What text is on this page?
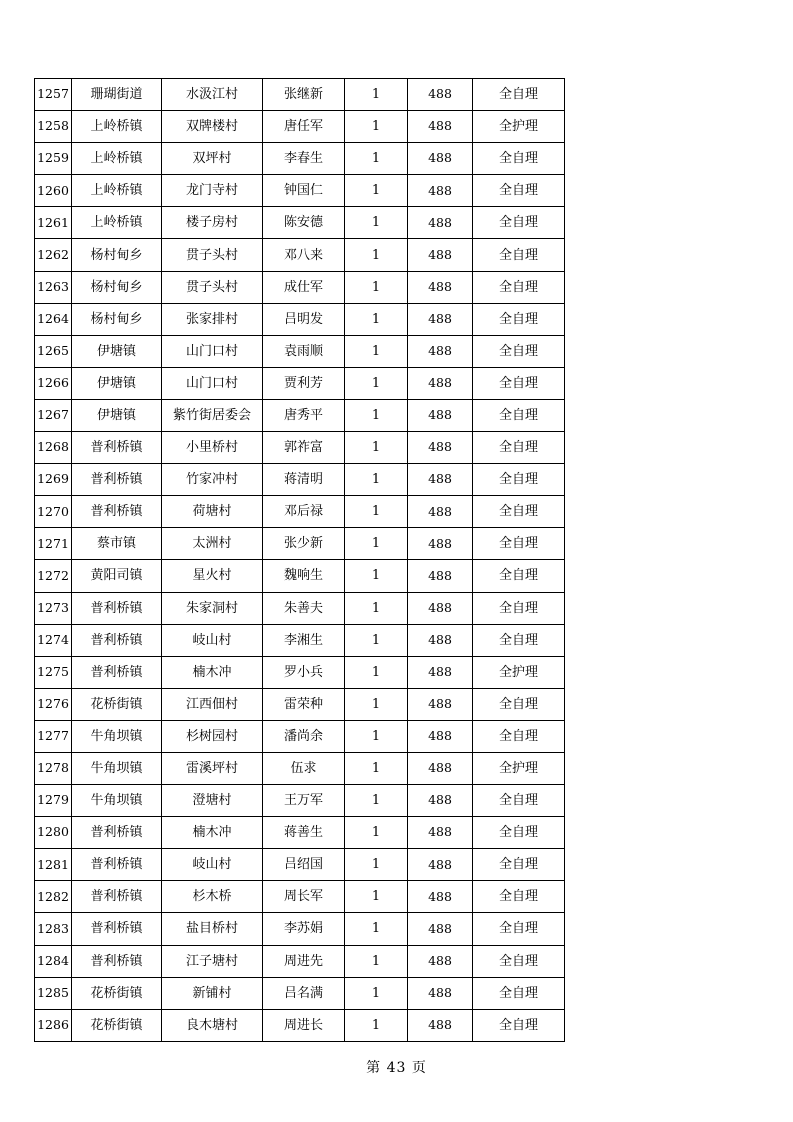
1257	珊瑚街道	水汲江村	张继新	1	488	全自理
1258	上岭桥镇	双牌楼村	唐任军	1	488	全护理
1259	上岭桥镇	双坪村	李春生	1	488	全自理
1260	上岭桥镇	龙门寺村	钟国仁	1	488	全自理
1261	上岭桥镇	楼子房村	陈安德	1	488	全自理
1262	杨村甸乡	贯子头村	邓八来	1	488	全自理
1263	杨村甸乡	贯子头村	成仕军	1	488	全自理
1264	杨村甸乡	张家排村	吕明发	1	488	全自理
1265	伊塘镇	山门口村	袁雨顺	1	488	全自理
1266	伊塘镇	山门口村	贾利芳	1	488	全自理
1267	伊塘镇	紫竹街居委会	唐秀平	1	488	全自理
1268	普利桥镇	小里桥村	郭祚富	1	488	全自理
1269	普利桥镇	竹家冲村	蒋清明	1	488	全自理
1270	普利桥镇	荷塘村	邓后禄	1	488	全自理
1271	蔡市镇	太洲村	张少新	1	488	全自理
1272	黄阳司镇	星火村	魏响生	1	488	全自理
1273	普利桥镇	朱家洞村	朱善夫	1	488	全自理
1274	普利桥镇	岐山村	李湘生	1	488	全自理
1275	普利桥镇	楠木冲	罗小兵	1	488	全护理
1276	花桥街镇	江西佃村	雷荣种	1	488	全自理
1277	牛角坝镇	杉树园村	潘尚余	1	488	全自理
1278	牛角坝镇	雷溪坪村	伍求	1	488	全护理
1279	牛角坝镇	澄塘村	王万军	1	488	全自理
1280	普利桥镇	楠木冲	蒋善生	1	488	全自理
1281	普利桥镇	岐山村	吕绍国	1	488	全自理
1282	普利桥镇	杉木桥	周长军	1	488	全自理
1283	普利桥镇	盐目桥村	李苏娟	1	488	全自理
1284	普利桥镇	江子塘村	周进先	1	488	全自理
1285	花桥街镇	新铺村	吕名满	1	488	全自理
1286	花桥街镇	良木塘村	周进长	1	488	全自理
第 43 页
